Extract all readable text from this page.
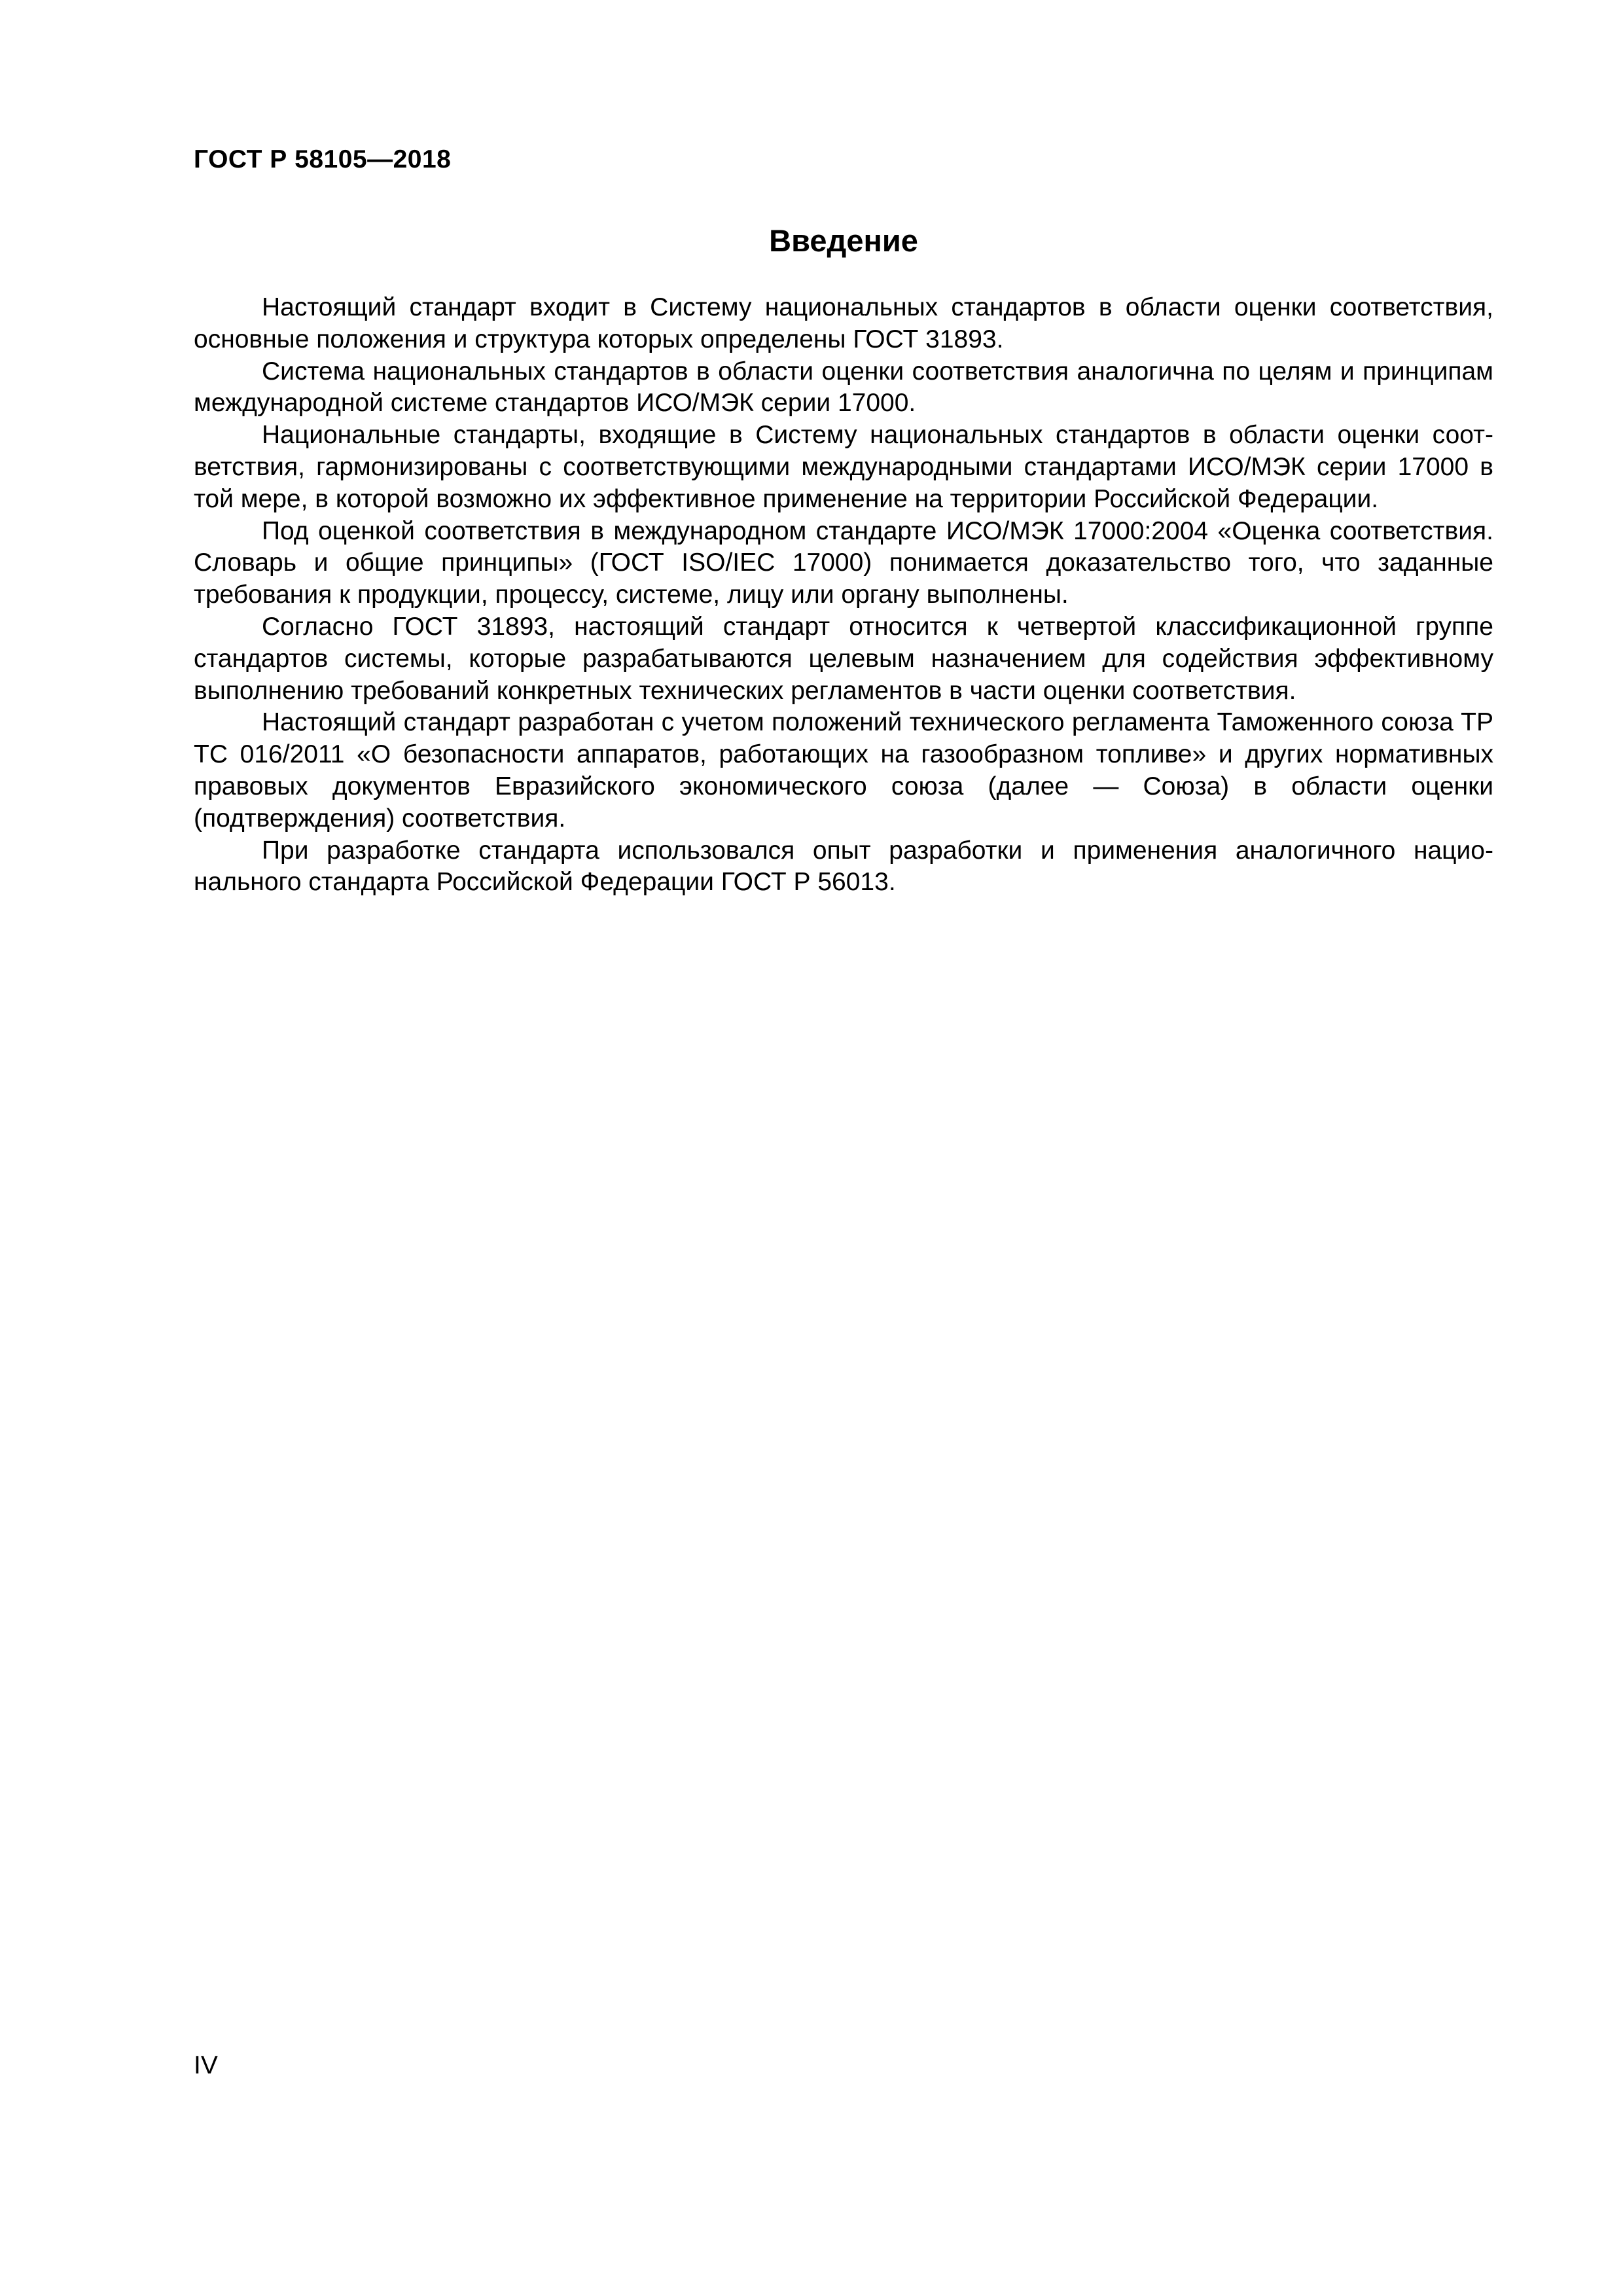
ГОСТ Р 58105—2018
Введение

Настоящий стандарт входит в Систему национальных стандартов в области оценки соответствия, основные положения и структура которых определены ГОСТ 31893.

Система национальных стандартов в области оценки соответствия аналогична по целям и принципам международной системе стандартов ИСО/МЭК серии 17000.

Национальные стандарты, входящие в Систему национальных стандартов в области оценки соответствия, гармонизированы с соответствующими международными стандартами ИСО/МЭК серии 17000 в той мере, в которой возможно их эффективное применение на территории Российской Федерации.

Под оценкой соответствия в международном стандарте ИСО/МЭК 17000:2004 «Оценка соответствия. Словарь и общие принципы» (ГОСТ ISO/IEC 17000) понимается доказательство того, что заданные требования к продукции, процессу, системе, лицу или органу выполнены.

Согласно ГОСТ 31893, настоящий стандарт относится к четвертой классификационной группе стандартов системы, которые разрабатываются целевым назначением для содействия эффективному выполнению требований конкретных технических регламентов в части оценки соответствия.

Настоящий стандарт разработан с учетом положений технического регламента Таможенного союза ТР ТС 016/2011 «О безопасности аппаратов, работающих на газообразном топливе» и других нормативных правовых документов Евразийского экономического союза (далее — Союза) в области оценки (подтверждения) соответствия.

При разработке стандарта использовался опыт разработки и применения аналогичного национального стандарта Российской Федерации ГОСТ Р 56013.

IV
